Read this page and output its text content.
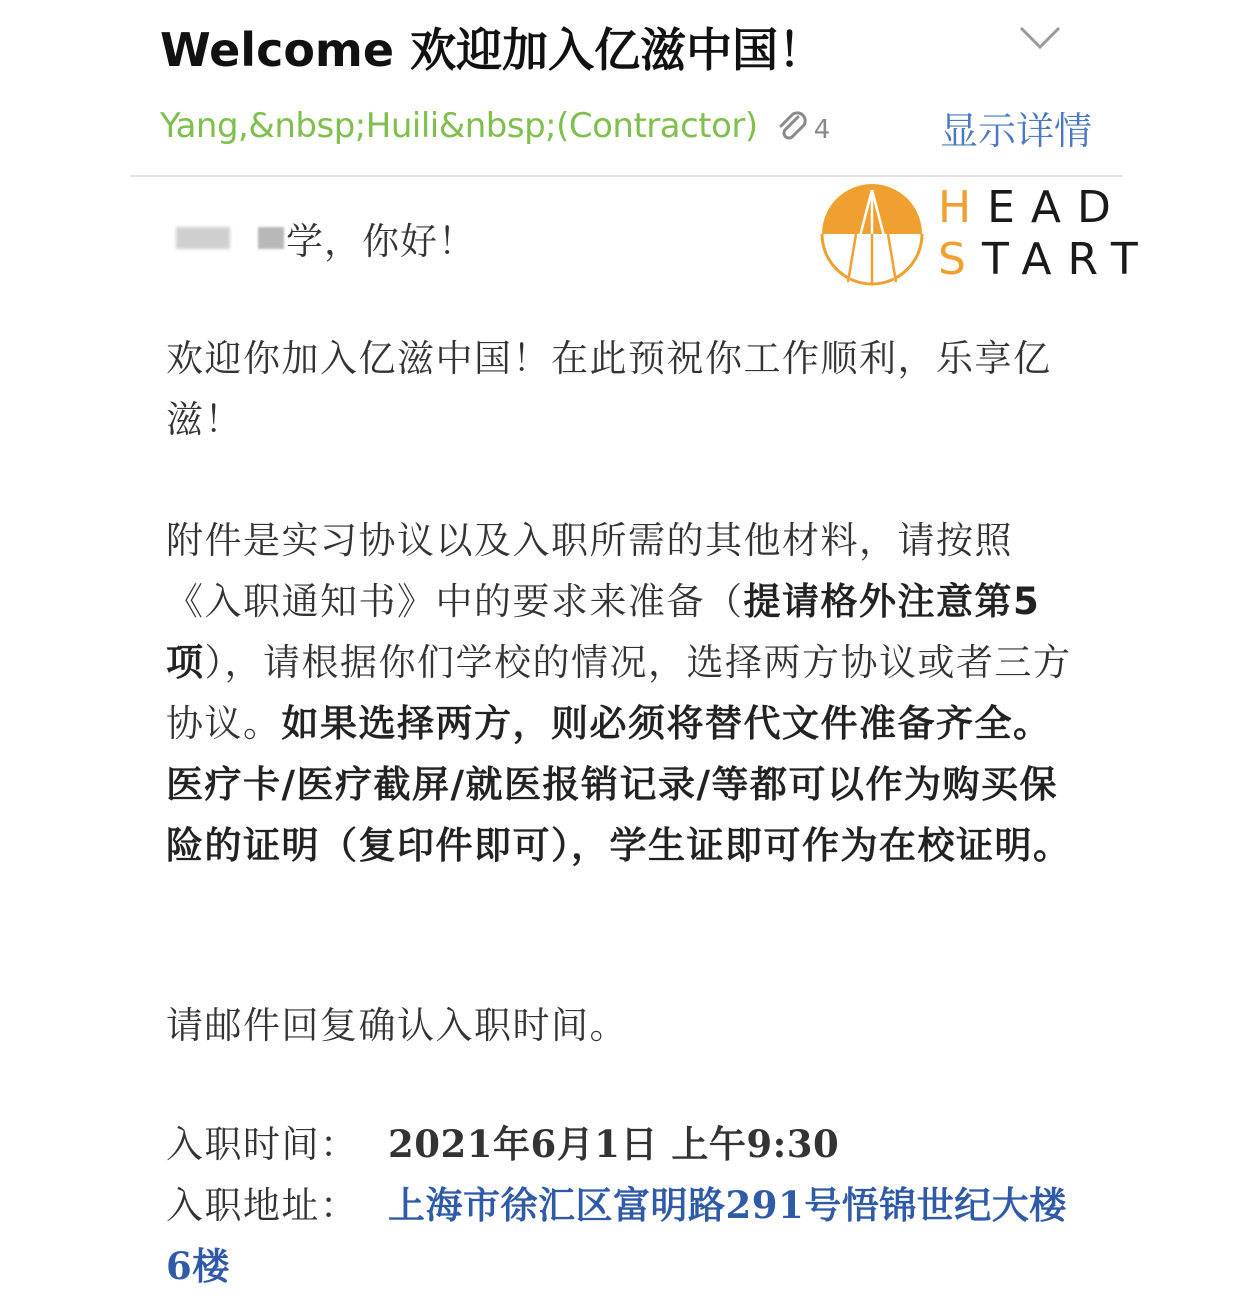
Welcome 欢迎加入亿滋中国！
Yang,&nbsp;Huili&nbsp;(Contractor) 4	显示详情
HEAD
START
学，你好！

欢迎你加入亿滋中国！在此预祝你工作顺利，乐享亿滋！

附件是实习协议以及入职所需的其他材料，请按照《入职通知书》中的要求来准备（提请格外注意第5项），请根据你们学校的情况，选择两方协议或者三方协议。如果选择两方，则必须将替代文件准备齐全。医疗卡/医疗截屏/就医报销记录/等都可以作为购买保险的证明（复印件即可），学生证即可作为在校证明。

请邮件回复确认入职时间。

入职时间： 2021年6月1日 上午9:30

入职地址： 上海市徐汇区富明路291号悟锦世纪大楼6楼
